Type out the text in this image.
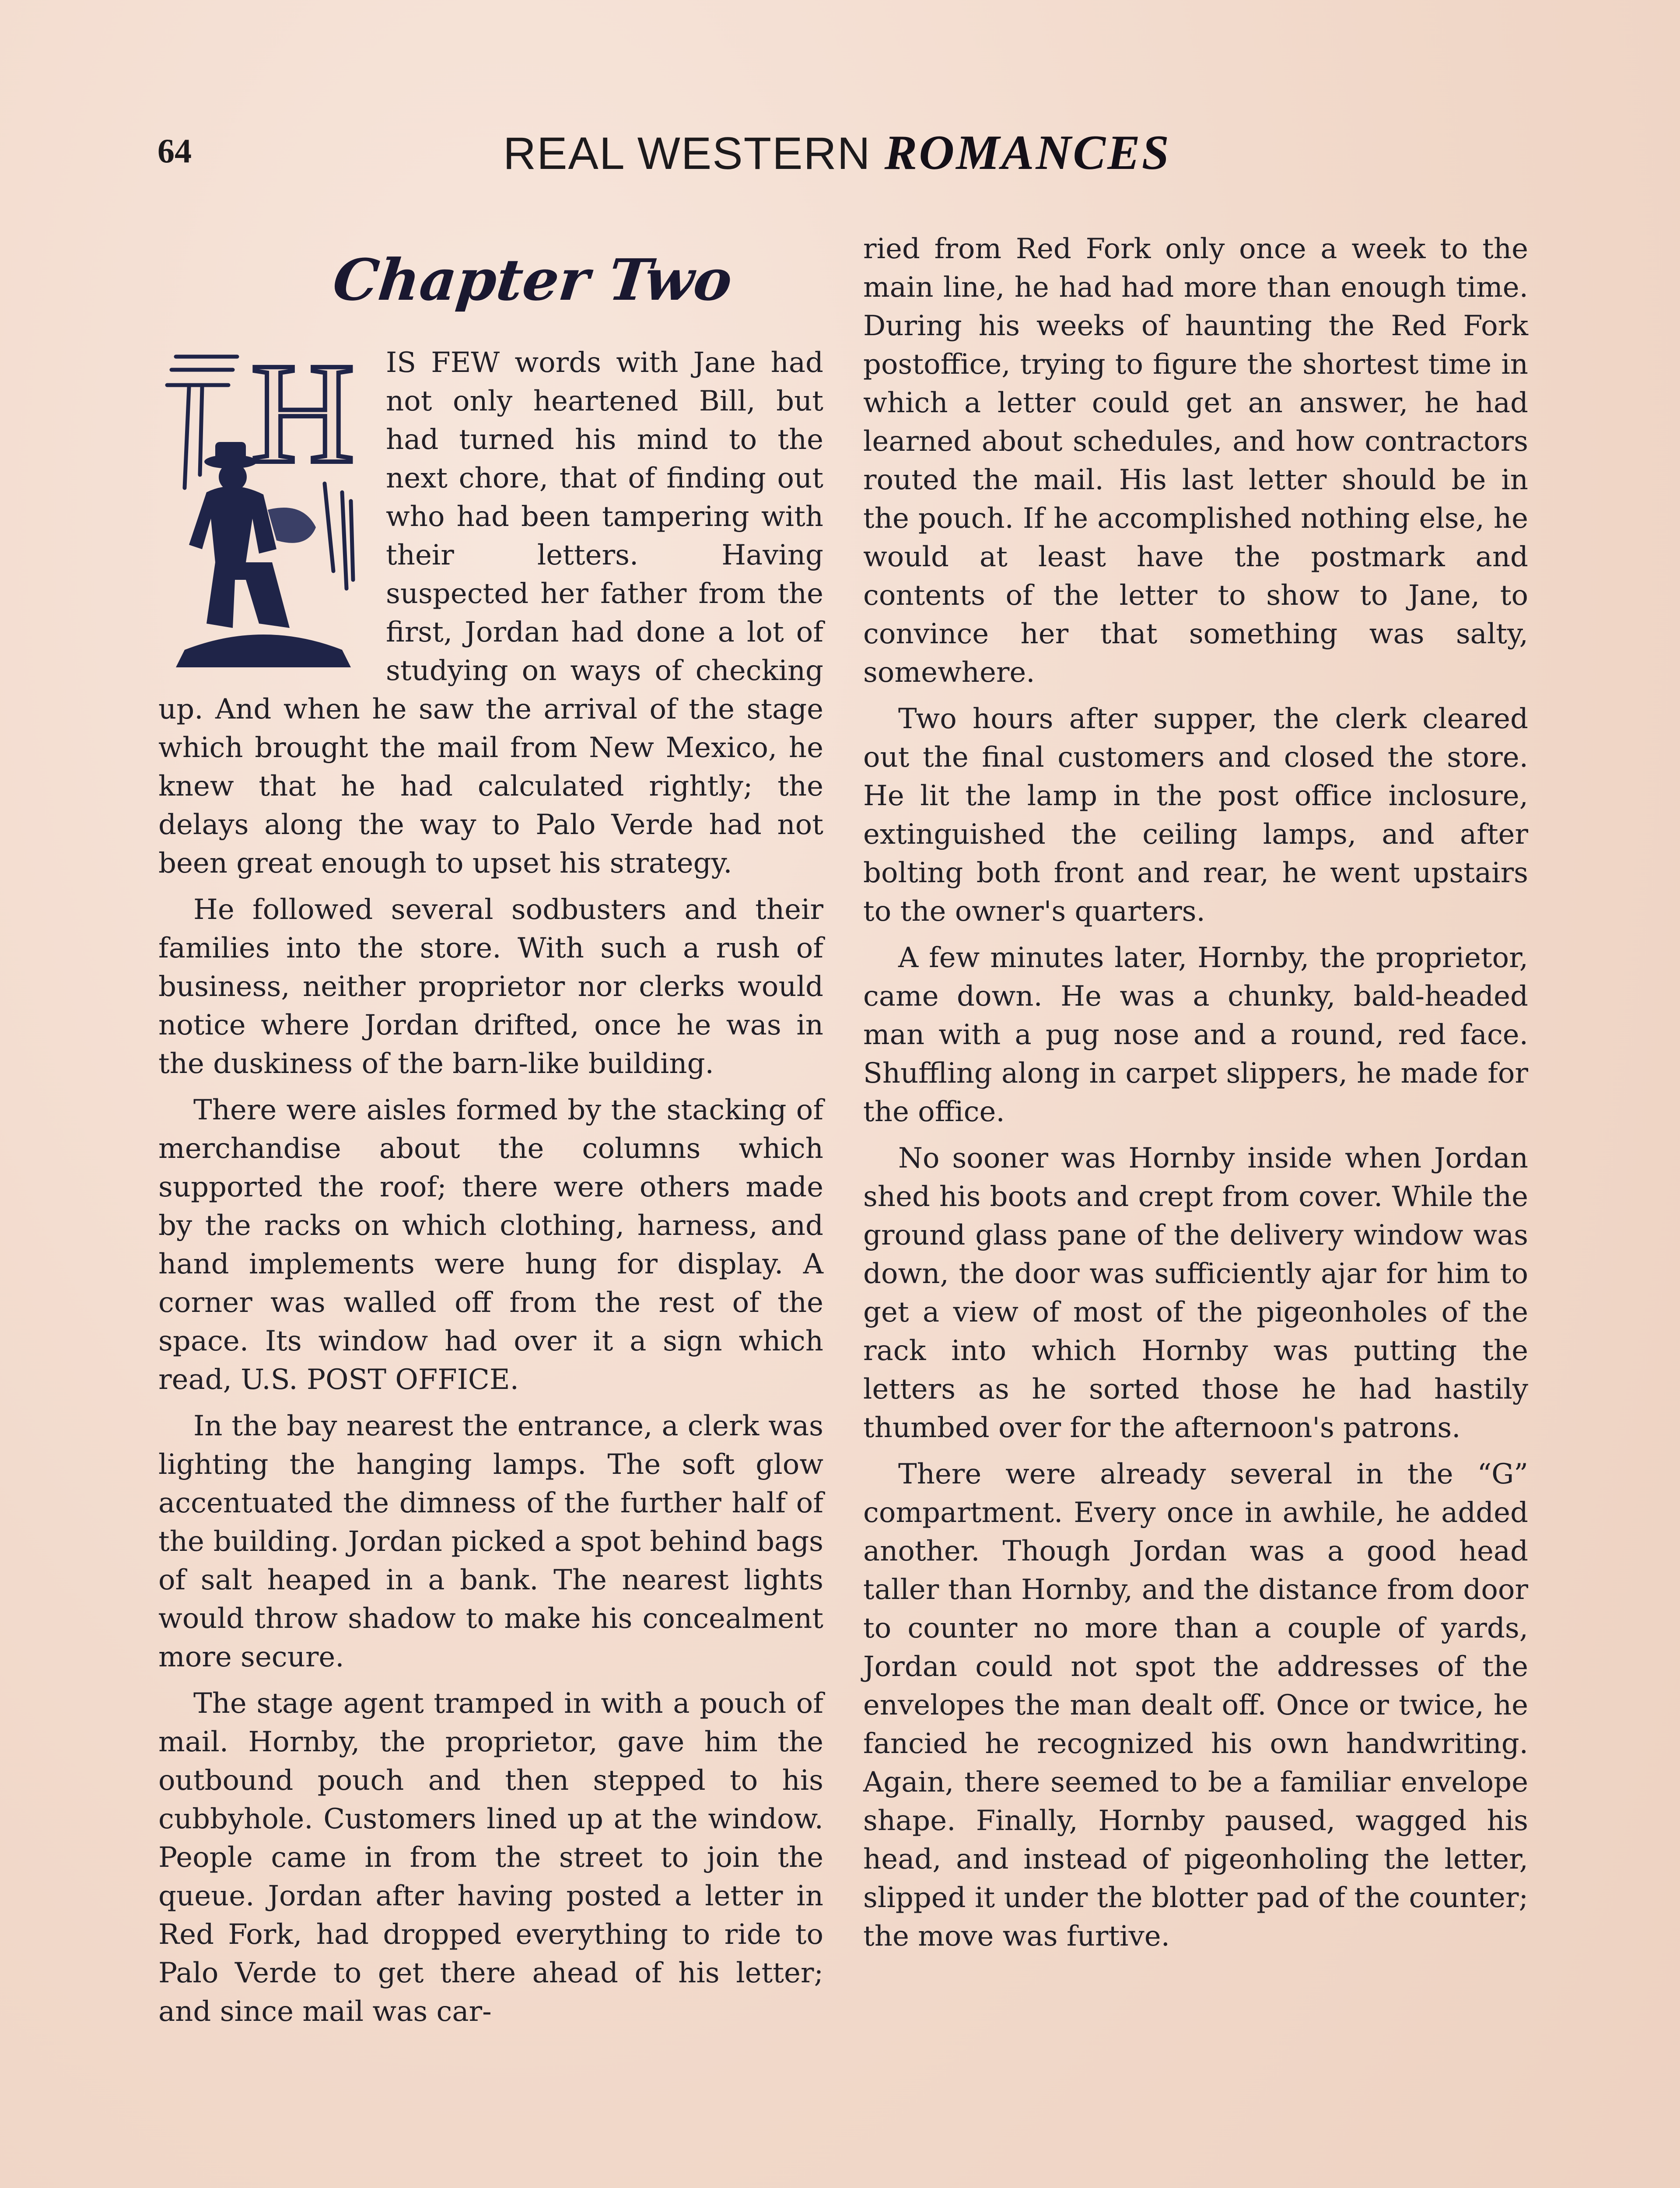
64	REAL WESTERN ROMANCES
Chapter Two
H	IS FEW words with Jane had not only heartened Bill, but had turned his mind to the next chore, that of finding out who had been tampering with their letters. Having suspected her father from the first, Jordan had done a lot of studying on ways of checking up. And when he saw the arrival of the stage which brought the mail from New Mexico, he knew that he had calculated rightly; the delays along the way to Palo Verde had not been great enough to upset his strategy.

He followed several sodbusters and their families into the store. With such a rush of business, neither proprietor nor clerks would notice where Jordan drifted, once he was in the duskiness of the barn-like building.

There were aisles formed by the stacking of merchandise about the columns which supported the roof; there were others made by the racks on which clothing, harness, and hand implements were hung for display. A corner was walled off from the rest of the space. Its window had over it a sign which read, U.S. POST OFFICE.

In the bay nearest the entrance, a clerk was lighting the hanging lamps. The soft glow accentuated the dimness of the further half of the building. Jordan picked a spot behind bags of salt heaped in a bank. The nearest lights would throw shadow to make his concealment more secure.

The stage agent tramped in with a pouch of mail. Hornby, the proprietor, gave him the outbound pouch and then stepped to his cubbyhole. Customers lined up at the window. People came in from the street to join the queue. Jordan after having posted a letter in Red Fork, had dropped everything to ride to Palo Verde to get there ahead of his letter; and since mail was car-

ried from Red Fork only once a week to the main line, he had had more than enough time. During his weeks of haunting the Red Fork postoffice, trying to figure the shortest time in which a letter could get an answer, he had learned about schedules, and how contractors routed the mail. His last letter should be in the pouch. If he accomplished nothing else, he would at least have the postmark and contents of the letter to show to Jane, to convince her that something was salty, somewhere.

Two hours after supper, the clerk cleared out the final customers and closed the store. He lit the lamp in the post office inclosure, extinguished the ceiling lamps, and after bolting both front and rear, he went upstairs to the owner's quarters.

A few minutes later, Hornby, the proprietor, came down. He was a chunky, bald-headed man with a pug nose and a round, red face. Shuffling along in carpet slippers, he made for the office.

No sooner was Hornby inside when Jordan shed his boots and crept from cover. While the ground glass pane of the delivery window was down, the door was sufficiently ajar for him to get a view of most of the pigeonholes of the rack into which Hornby was putting the letters as he sorted those he had hastily thumbed over for the afternoon's patrons.

There were already several in the “G” compartment. Every once in awhile, he added another. Though Jordan was a good head taller than Hornby, and the distance from door to counter no more than a couple of yards, Jordan could not spot the addresses of the envelopes the man dealt off. Once or twice, he fancied he recognized his own handwriting. Again, there seemed to be a familiar envelope shape. Finally, Hornby paused, wagged his head, and instead of pigeonholing the letter, slipped it under the blotter pad of the counter; the move was furtive.
